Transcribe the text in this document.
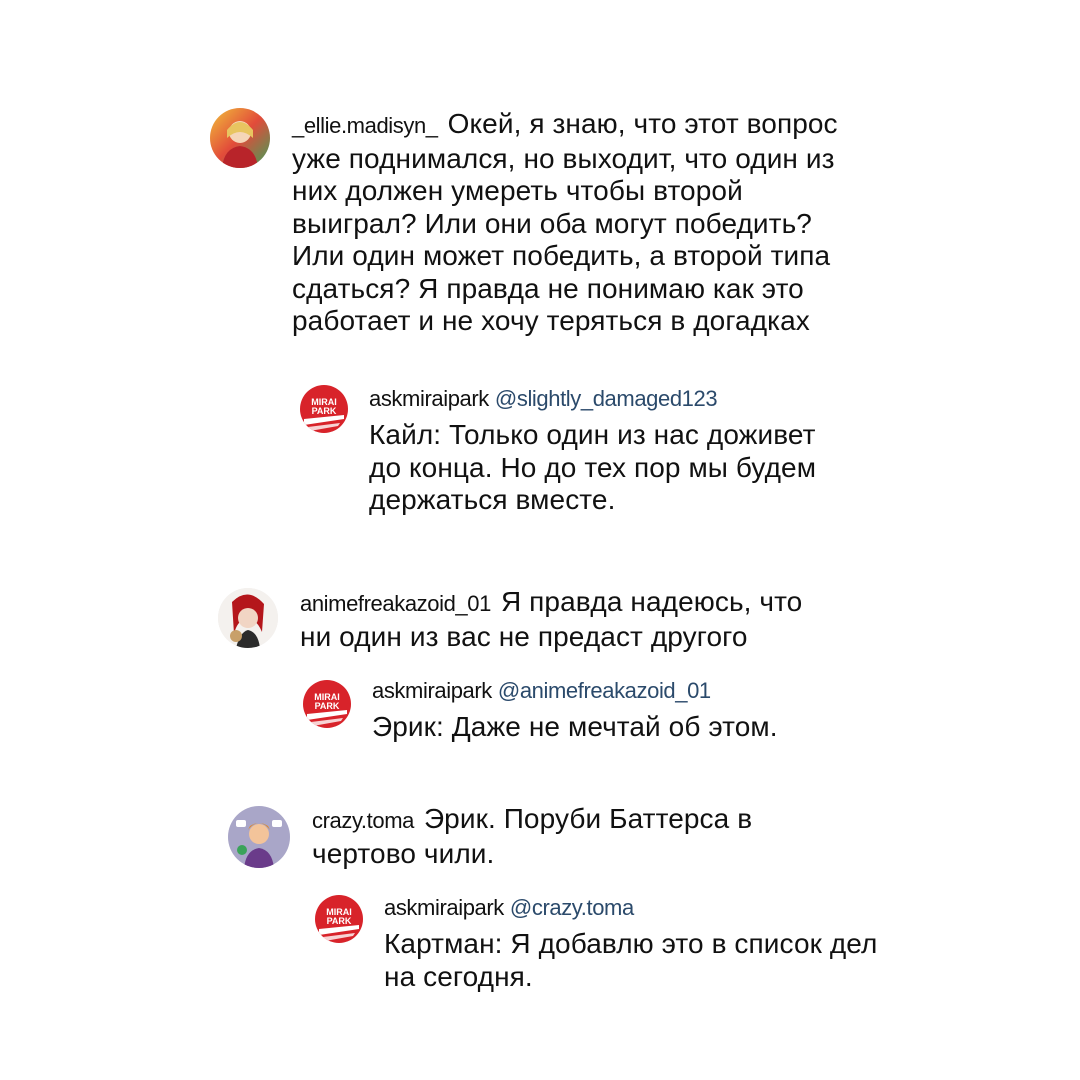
_ellie.madisyn_ Окей, я знаю, что этот вопрос уже поднимался, но выходит, что один из них должен умереть чтобы второй выиграл? Или они оба могут победить? Или один может победить, а второй типа сдаться? Я правда не понимаю как это работает и не хочу теряться в догадках
MIRAI
PARK askmiraipark @slightly_damaged123
Кайл: Только один из нас доживет до конца. Но до тех пор мы будем держаться вместе.
animefreakazoid_01 Я правда надеюсь, что ни один из вас не предаст другого
MIRAI
PARK
askmiraipark @animefreakazoid_01
Эрик: Даже не мечтай об этом.
crazy.toma Эрик. Поруби Баттерса в чертово чили.
MIRAI
PARK
askmiraipark @crazy.toma
Картман: Я добавлю это в список дел на сегодня.
